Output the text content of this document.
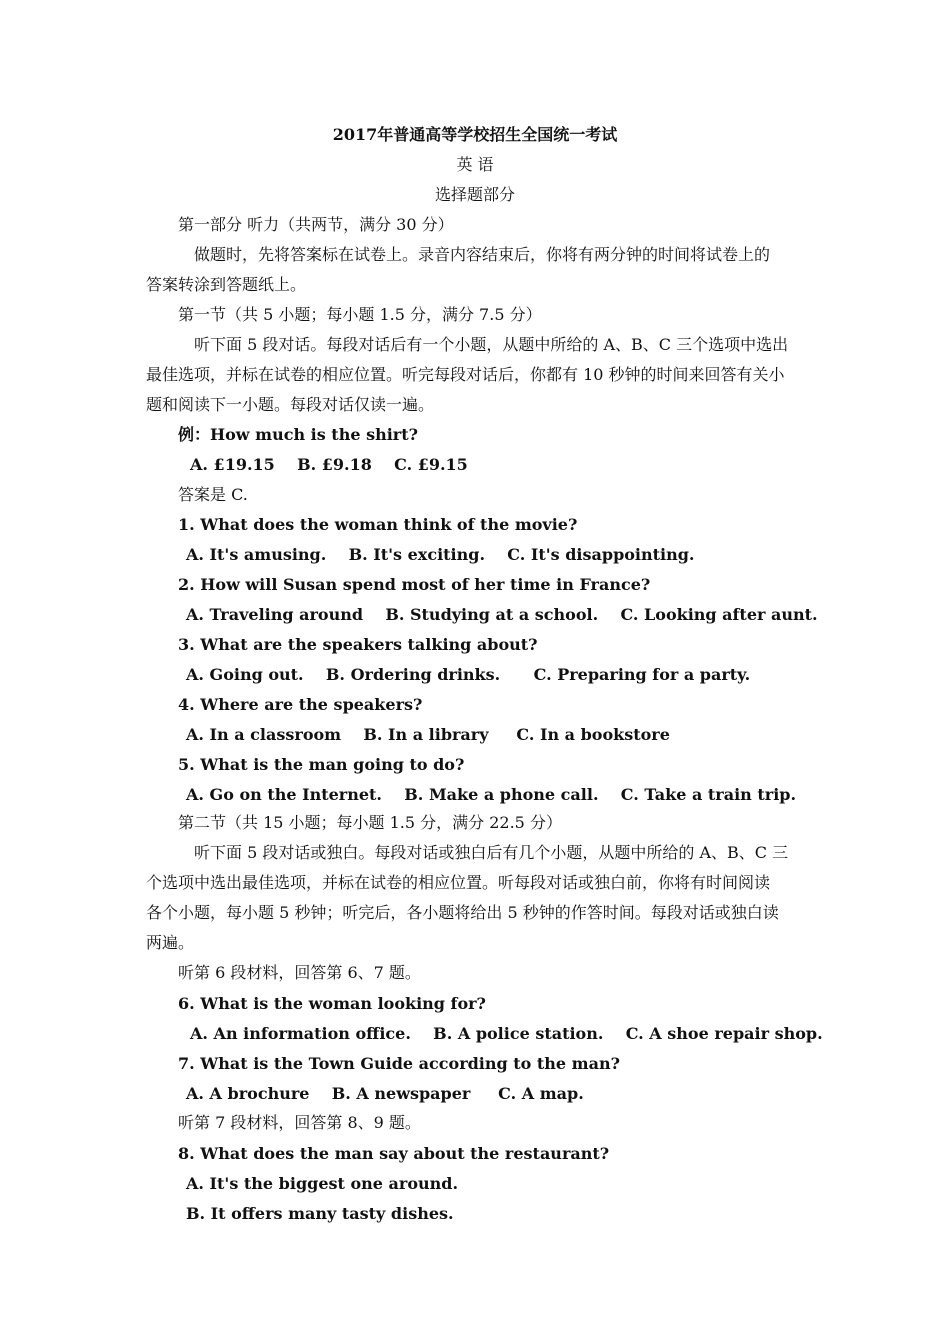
2017年普通高等学校招生全国统一考试
英 语
选择题部分
第一部分 听力（共两节，满分 30 分）
做题时，先将答案标在试卷上。录音内容结束后，你将有两分钟的时间将试卷上的
答案转涂到答题纸上。
第一节（共 5 小题；每小题 1.5 分，满分 7.5 分）
听下面 5 段对话。每段对话后有一个小题，从题中所给的 A、B、C 三个选项中选出
最佳选项，并标在试卷的相应位置。听完每段对话后，你都有 10 秒钟的时间来回答有关小
题和阅读下一小题。每段对话仅读一遍。
例：How much is the shirt?
A. £19.15    B. £9.18    C. £9.15
答案是 C.
1. What does the woman think of the movie?
A. It's amusing.    B. It's exciting.    C. It's disappointing.
2. How will Susan spend most of her time in France?
A. Traveling around    B. Studying at a school.    C. Looking after aunt.
3. What are the speakers talking about?
A. Going out.    B. Ordering drinks.      C. Preparing for a party.
4. Where are the speakers?
A. In a classroom    B. In a library     C. In a bookstore
5. What is the man going to do?
A. Go on the Internet.    B. Make a phone call.    C. Take a train trip.
第二节（共 15 小题；每小题 1.5 分，满分 22.5 分）
听下面 5 段对话或独白。每段对话或独白后有几个小题，从题中所给的 A、B、C 三
个选项中选出最佳选项，并标在试卷的相应位置。听每段对话或独白前，你将有时间阅读
各个小题，每小题 5 秒钟；听完后，各小题将给出 5 秒钟的作答时间。每段对话或独白读
两遍。
听第 6 段材料，回答第 6、7 题。
6. What is the woman looking for?
A. An information office.    B. A police station.    C. A shoe repair shop.
7. What is the Town Guide according to the man?
A. A brochure    B. A newspaper     C. A map.
听第 7 段材料，回答第 8、9 题。
8. What does the man say about the restaurant?
A. It's the biggest one around.
B. It offers many tasty dishes.
